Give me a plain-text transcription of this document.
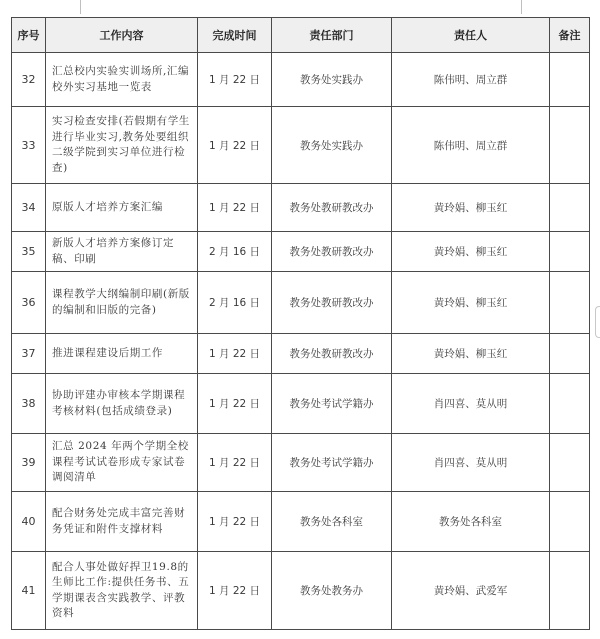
序号	工作内容	完成时间	责任部门	责任人	备注
32	汇总校内实验实训场所,汇编校外实习基地一览表	1 月 22 日	教务处实践办	陈伟明、周立群	
33	实习检查安排(若假期有学生进行毕业实习,教务处要组织二级学院到实习单位进行检查)	1 月 22 日	教务处实践办	陈伟明、周立群	
34	原版人才培养方案汇编	1 月 22 日	教务处教研教改办	黄玲娟、柳玉红	
35	新版人才培养方案修订定稿、印刷	2 月 16 日	教务处教研教改办	黄玲娟、柳玉红	
36	课程教学大纲编制印刷(新版的编制和旧版的完备)	2 月 16 日	教务处教研教改办	黄玲娟、柳玉红	
37	推进课程建设后期工作	1 月 22 日	教务处教研教改办	黄玲娟、柳玉红	
38	协助评建办审核本学期课程考核材料(包括成绩登录)	1 月 22 日	教务处考试学籍办	肖四喜、莫从明	
39	汇总 2024 年两个学期全校课程考试试卷形成专家试卷调阅清单	1 月 22 日	教务处考试学籍办	肖四喜、莫从明	
40	配合财务处完成丰富完善财务凭证和附件支撑材料	1 月 22 日	教务处各科室	教务处各科室	
41	配合人事处做好捍卫19.8的生师比工作:提供任务书、五学期课表含实践教学、评教资料	1 月 22 日	教务处教务办	黄玲娟、武爱军	
